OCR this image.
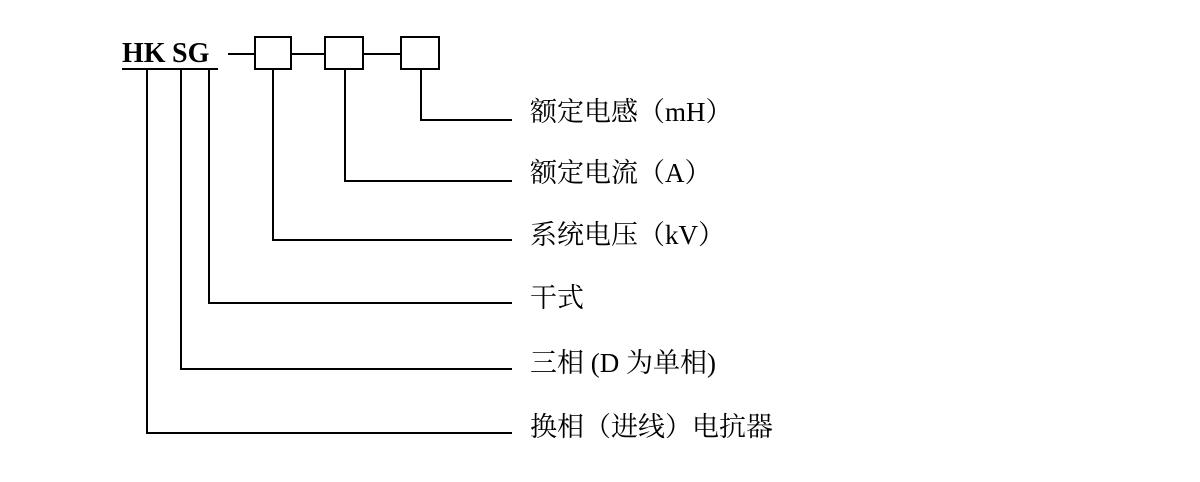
HK SG
额定电感（mH）
额定电流（A）
系统电压（kV）
干式
三相 (D 为单相)
换相（进线）电抗器
